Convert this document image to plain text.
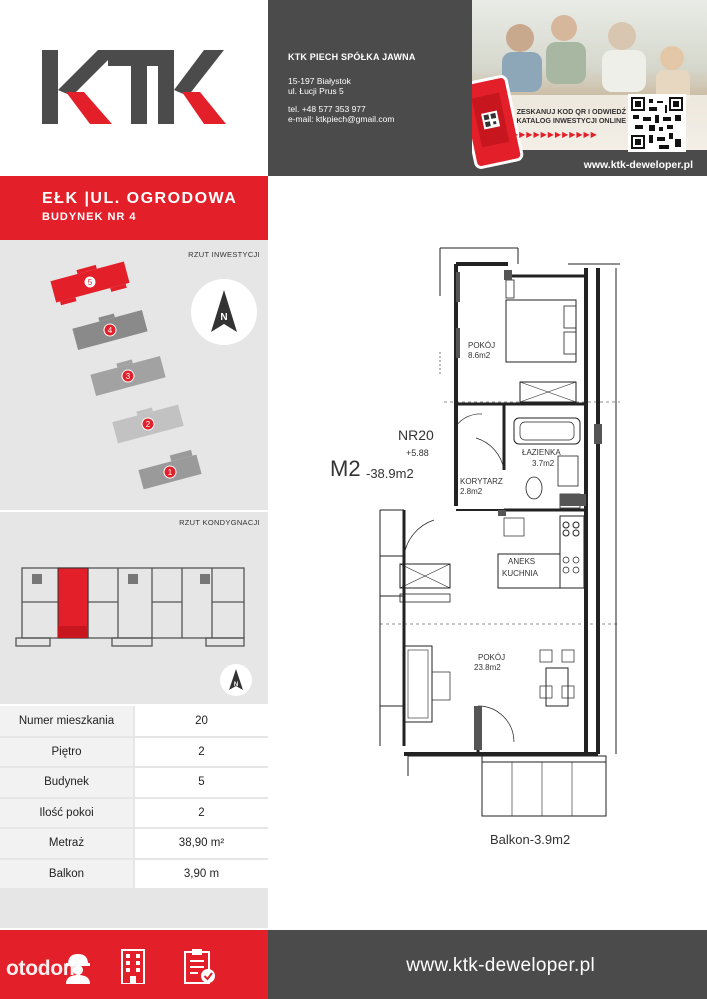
KTK PIECH SPÓŁKA JAWNA
15-197 Białystok
ul. Łucji Prus 5
tel. +48 577 353 977
e-mail: ktkpiech@gmail.com
ZESKANUJ KOD QR I ODWIEDŹ
KATALOG INWESTYCJI ONLINE
▶▶▶▶▶▶▶▶▶▶▶▶
www.ktk-deweloper.pl
EŁK |UL. OGRODOWA
BUDYNEK NR 4
RZUT INWESTYCJI
5
4
3
2
1
N
RZUT KONDYGNACJI
N
Numer mieszkania	20
Piętro	2
Budynek	5
Ilość pokoi	2
Metraż	38,90 m²
Balkon	3,90 m
NR20
+5.88
M2 -38.9m2
POKÓJ
8.6m2
ŁAZIENKA
3.7m2
KORYTARZ
2.8m2
ANEKS
KUCHNIA
POKÓJ
23.8m2
Balkon-3.9m2
otodom	www.ktk-deweloper.pl
